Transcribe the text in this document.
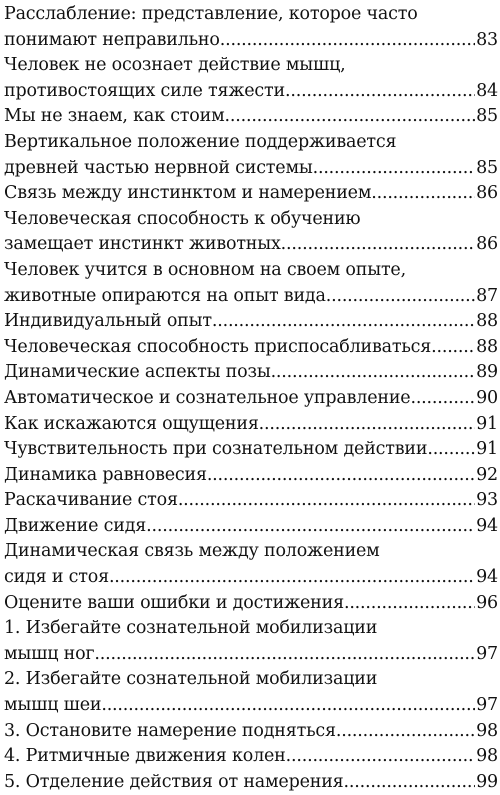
Расслабление: представление, которое часто
понимают неправильно .....	83
Человек не осознает действие мышц,
противостоящих силе тяжести .....	84
Мы не знаем, как стоим .....	85
Вертикальное положение поддерживается
древней частью нервной системы .....	85
Связь между инстинктом и намерением .....	86
Человеческая способность к обучению
замещает инстинкт животных .....	86
Человек учится в основном на своем опыте,
животные опираются на опыт вида .....	87
Индивидуальный опыт .....	88
Человеческая способность приспосабливаться .....	88
Динамические аспекты позы .....	89
Автоматическое и сознательное управление .....	90
Как искажаются ощущения .....	91
Чувствительность при сознательном действии .....	91
Динамика равновесия .....	92
Раскачивание стоя .....	93
Движение сидя .....	94
Динамическая связь между положением
сидя и стоя .....	94
Оцените ваши ошибки и достижения .....	96
1. Избегайте сознательной мобилизации
мышц ног .....	97
2. Избегайте сознательной мобилизации
мышц шеи .....	97
3. Остановите намерение подняться .....	98
4. Ритмичные движения колен .....	98
5. Отделение действия от намерения .....	99
